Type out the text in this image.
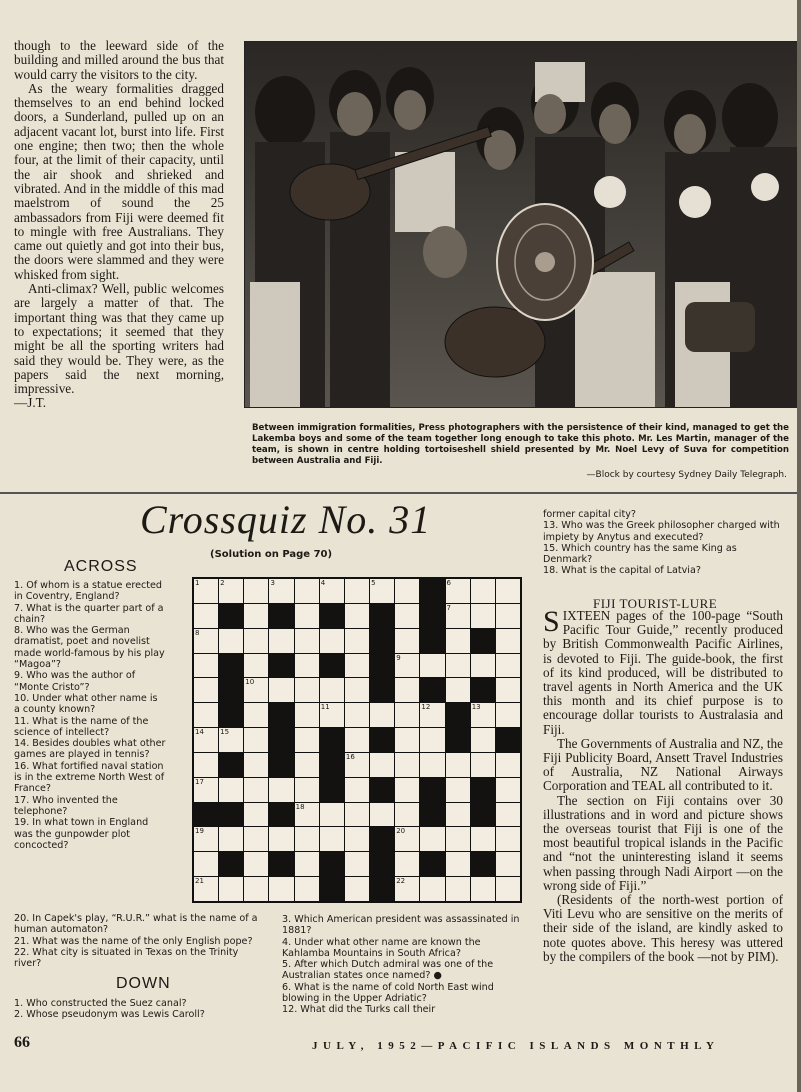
though to the leeward side of the building and milled around the bus that would carry the visitors to the city.

As the weary formalities dragged themselves to an end behind locked doors, a Sunderland, pulled up on an adjacent vacant lot, burst into life. First one engine; then two; then the whole four, at the limit of their capacity, until the air shook and shrieked and vibrated. And in the middle of this mad maelstrom of sound the 25 ambassadors from Fiji were deemed fit to mingle with free Australians. They came out quietly and got into their bus, the doors were slammed and they were whisked from sight.

Anti-climax? Well, public welcomes are largely a matter of that. The important thing was that they came up to expectations; it seemed that they might be all the sporting writers had said they would be. They were, as the papers said the next morning, impressive.

—J.T.

Between immigration formalities, Press photographers with the persistence of their kind, managed to get the Lakemba boys and some of the team together long enough to take this photo. Mr. Les Martin, manager of the team, is shown in centre holding tortoiseshell shield presented by Mr. Noel Levy of Suva for competition between Australia and Fiji.
—Block by courtesy Sydney Daily Telegraph.
Crossquiz No. 31
(Solution on Page 70)
ACROSS
1. Of whom is a statue erected in Coventry, England?
7. What is the quarter part of a chain?
8. Who was the German dramatist, poet and novelist made world-famous by his play “Magoa”?
9. Who was the author of “Monte Cristo”?
10. Under what other name is a county known?
11. What is the name of the science of intellect?
14. Besides doubles what other games are played in tennis?
16. What fortified naval station is in the extreme North West of France?
17. Who invented the telephone?
19. In what town in England was the gunpowder plot concocted?
20. In Capek's play, “R.U.R.” what is the name of a human automaton?
21. What was the name of the only English pope?
22. What city is situated in Texas on the Trinity river?
DOWN
1. Who constructed the Suez canal?
2. Whose pseudonym was Lewis Caroll?
3. Which American president was assassinated in 1881?
4. Under what other name are known the Kahlamba Mountains in South Africa?
5. After which Dutch admiral was one of the Australian states once named? ●
6. What is the name of cold North East wind blowing in the Upper Adriatic?
12. What did the Turks call their
former capital city?
13. Who was the Greek philosopher charged with impiety by Anytus and executed?
15. Which country has the same King as Denmark?
18. What is the capital of Latvia?
1	2	3	4	5	6
7
8
9
10
11	12	13
14 15
16
17
18
19	20
21	22
FIJI TOURIST-LURE

SIXTEEN pages of the 100-page “South Pacific Tour Guide,” recently produced by British Commonwealth Pacific Airlines, is devoted to Fiji. The guide-book, the first of its kind produced, will be distributed to travel agents in North America and the UK this month and its chief purpose is to encourage dollar tourists to Australasia and Fiji.

The Governments of Australia and NZ, the Fiji Publicity Board, Ansett Travel Industries of Australia, NZ National Airways Corporation and TEAL all contributed to it.

The section on Fiji contains over 30 illustrations and in word and picture shows the overseas tourist that Fiji is one of the most beautiful tropical islands in the Pacific and “not the uninteresting island it seems when passing through Nadi Airport —on the wrong side of Fiji.”

(Residents of the north-west portion of Viti Levu who are sensitive on the merits of their side of the island, are kindly asked to note quotes above. This heresy was uttered by the compilers of the book —not by PIM).

66	JULY, 1952—PACIFIC ISLANDS MONTHLY
